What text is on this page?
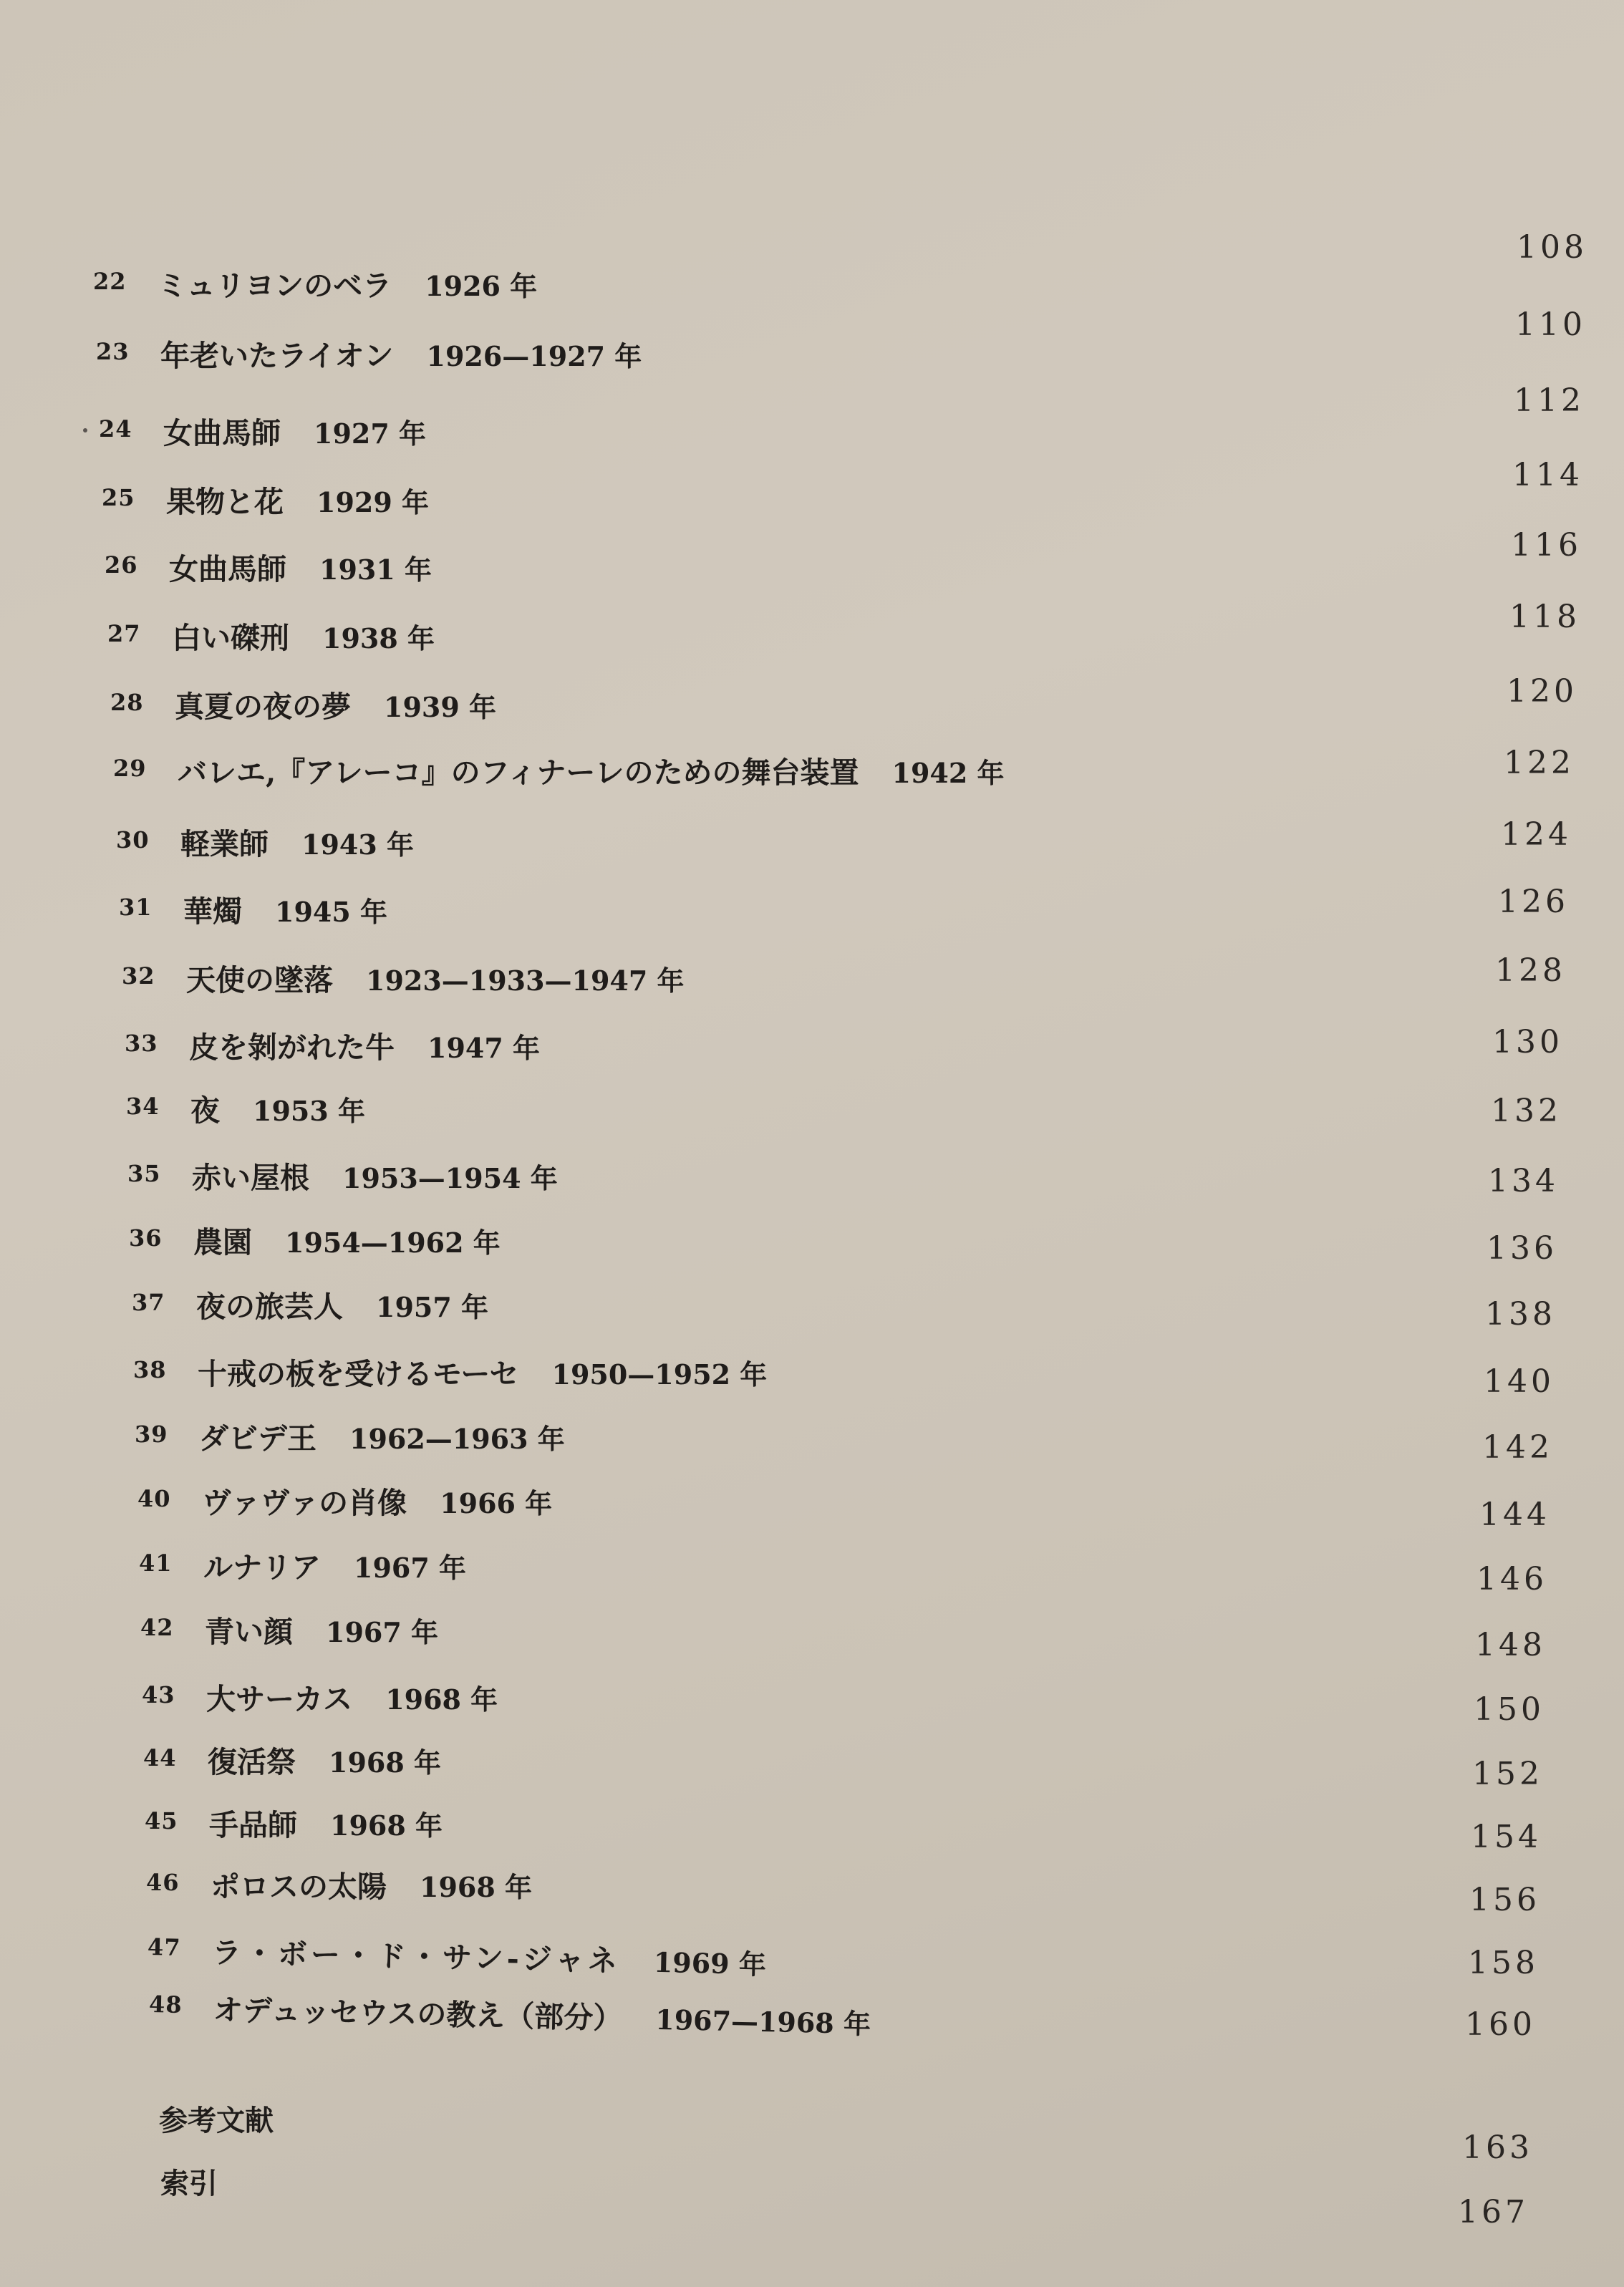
22 ミュリヨンのベラ 1926 年
23 年老いたライオン 1926—1927 年
24 女曲馬師 1927 年
25 果物と花 1929 年
26 女曲馬師 1931 年
27 白い磔刑 1938 年
28 真夏の夜の夢 1939 年
29 バレエ,『アレーコ』のフィナーレのための舞台装置 1942 年
30 軽業師 1943 年
31 華燭 1945 年
32 天使の墜落 1923—1933—1947 年
33 皮を剝がれた牛 1947 年
34 夜 1953 年
35 赤い屋根 1953—1954 年
36 農園 1954—1962 年
37 夜の旅芸人 1957 年
38 十戒の板を受けるモーセ 1950—1952 年
39 ダビデ王 1962—1963 年
40 ヴァヴァの肖像 1966 年
41 ルナリア 1967 年
42 青い顔 1967 年
43 大サーカス 1968 年
44 復活祭 1968 年
45 手品師 1968 年
46 ポロスの太陽 1968 年
47 ラ・ボー・ド・サン-ジャネ 1969 年
48 オデュッセウスの教え（部分） 1967—1968 年
参考文献
索引
108
110
112
114
116
118
120
122
124
126
128
130
132
134
136
138
140
142
144
146
148
150
152
154
156
158
160
163
167
